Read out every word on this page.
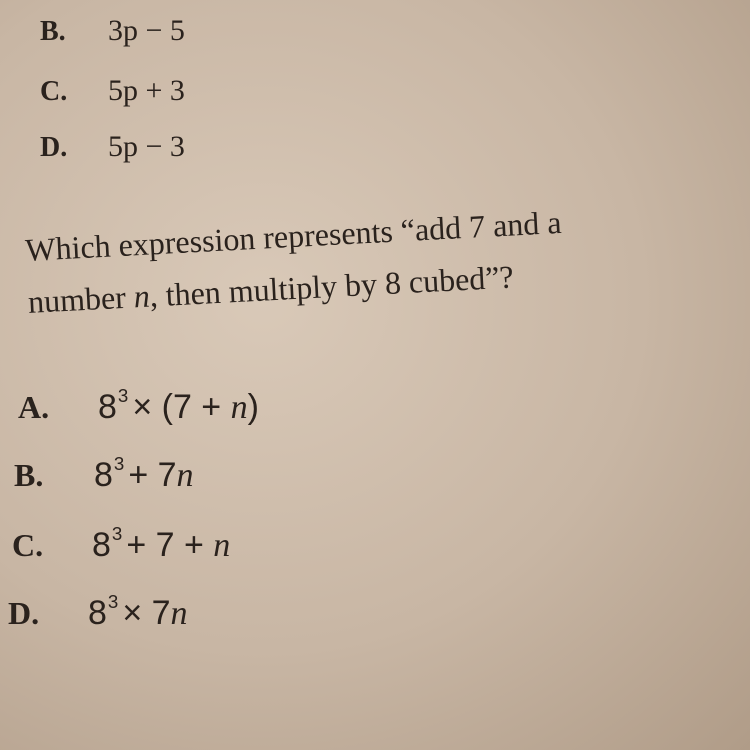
B. 3p − 5
C. 5p + 3
D. 5p − 3
Which expression represents “add 7 and a
number n, then multiply by 8 cubed”?
A. $8^3 \times (7 + n)$
B. $8^3 + 7n$
C. $8^3 + 7 + n$
D. $8^3 \times 7n$
